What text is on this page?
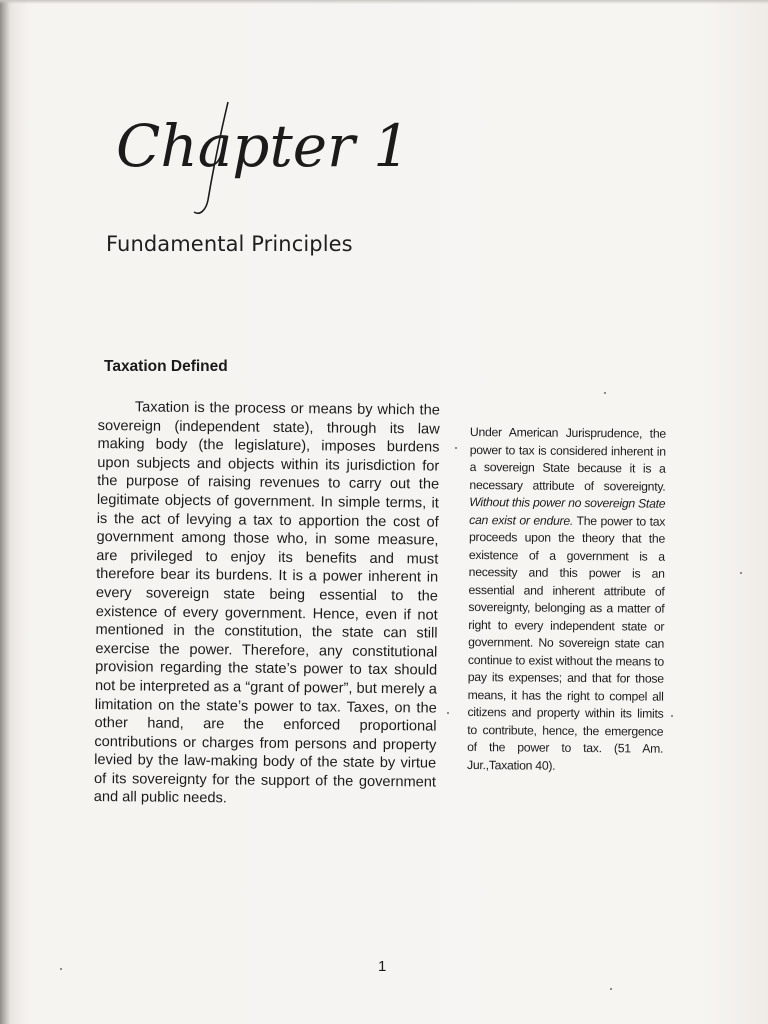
Chapter 1
Fundamental Principles
Taxation Defined
Taxation is the process or means by which the sovereign (independent state), through its law making body (the legislature), imposes burdens upon subjects and objects within its jurisdiction for the purpose of raising revenues to carry out the legitimate objects of government. In simple terms, it is the act of levying a tax to apportion the cost of government among those who, in some measure, are privileged to enjoy its benefits and must therefore bear its burdens. It is a power inherent in every sovereign state being essential to the existence of every government. Hence, even if not mentioned in the constitution, the state can still exercise the power. Therefore, any constitutional provision regarding the state’s power to tax should not be interpreted as a “grant of power”, but merely a limitation on the state’s power to tax. Taxes, on the other hand, are the enforced proportional contributions or charges from persons and property levied by the law-making body of the state by virtue of its sovereignty for the support of the government and all public needs.
Under American Jurisprudence, the power to tax is considered inherent in a sovereign State because it is a necessary attribute of sovereignty. Without this power no sovereign State can exist or endure. The power to tax proceeds upon the theory that the existence of a government is a necessity and this power is an essential and inherent attribute of sovereignty, belonging as a matter of right to every independent state or government. No sovereign state can continue to exist without the means to pay its expenses; and that for those means, it has the right to compel all citizens and property within its limits to contribute, hence, the emergence of the power to tax. (51 Am. Jur.,Taxation 40).
1
